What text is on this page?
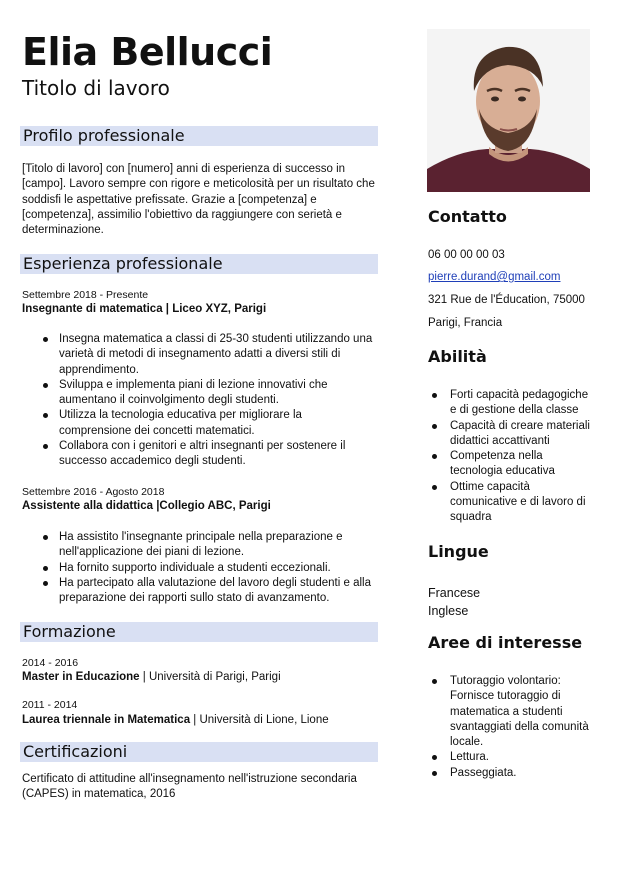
Elia Bellucci
Titolo di lavoro
Profilo professionale
[Titolo di lavoro] con [numero] anni di esperienza di successo in
[campo]. Lavoro sempre con rigore e meticolosità per un risultato che
soddisfi le aspettative prefissate. Grazie a [competenza] e
[competenza], assimilio l'obiettivo da raggiungere con serietà e
determinazione.
Esperienza professionale
Settembre 2018 - Presente
Insegnante di matematica | Liceo XYZ, Parigi
Insegna matematica a classi di 25-30 studenti utilizzando una
varietà di metodi di insegnamento adatti a diversi stili di
apprendimento.
Sviluppa e implementa piani di lezione innovativi che
aumentano il coinvolgimento degli studenti.
Utilizza la tecnologia educativa per migliorare la
comprensione dei concetti matematici.
Collabora con i genitori e altri insegnanti per sostenere il
successo accademico degli studenti.
Settembre 2016 - Agosto 2018
Assistente alla didattica |Collegio ABC, Parigi
Ha assistito l'insegnante principale nella preparazione e
nell'applicazione dei piani di lezione.
Ha fornito supporto individuale a studenti eccezionali.
Ha partecipato alla valutazione del lavoro degli studenti e alla
preparazione dei rapporti sullo stato di avanzamento.
Formazione
2014 - 2016
Master in Educazione | Università di Parigi, Parigi
2011 - 2014
Laurea triennale in Matematica | Università di Lione, Lione
Certificazioni
Certificato di attitudine all'insegnamento nell'istruzione secondaria
(CAPES) in matematica, 2016
Contatto
06 00 00 00 03
pierre.durand@gmail.com
321 Rue de l'Éducation, 75000
Parigi, Francia
Abilità
Forti capacità pedagogiche
e di gestione della classe
Capacità di creare materiali
didattici accattivanti
Competenza nella
tecnologia educativa
Ottime capacità
comunicative e di lavoro di
squadra
Lingue
Francese
Inglese
Aree di interesse
Tutoraggio volontario:
Fornisce tutoraggio di
matematica a studenti
svantaggiati della comunità
locale.
Lettura.
Passeggiata.
